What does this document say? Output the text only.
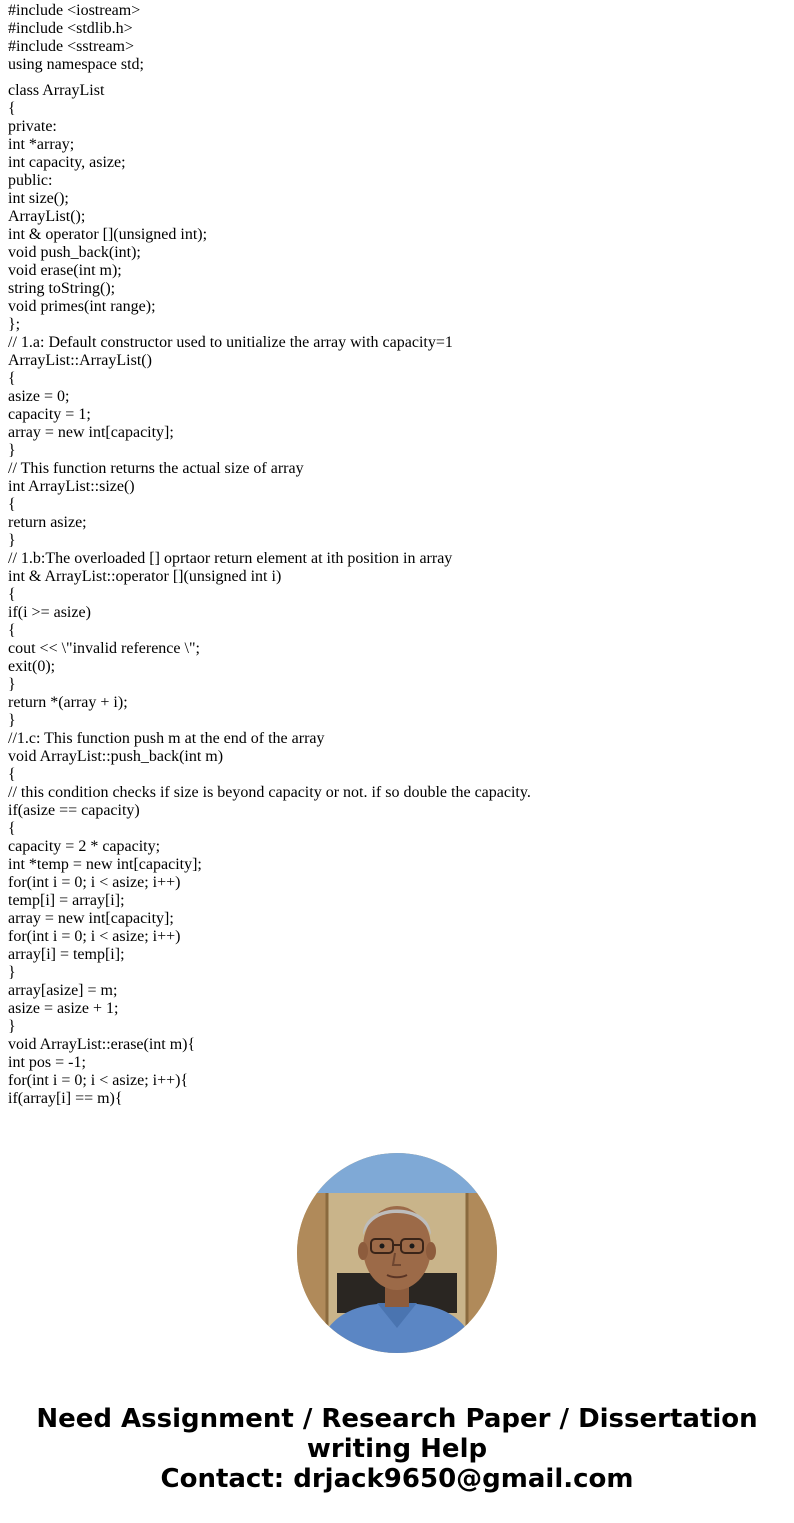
#include <iostream>
#include <stdlib.h>
#include <sstream>
using namespace std;
class ArrayList
{
private:
int *array;
int capacity, asize;
public:
int size();
ArrayList();
int & operator [](unsigned int);
void push_back(int);
void erase(int m);
string toString();
void primes(int range);
};
// 1.a: Default constructor used to unitialize the array with capacity=1
ArrayList::ArrayList()
{
asize = 0;
capacity = 1;
array = new int[capacity];
}
// This function returns the actual size of array
int ArrayList::size()
{
return asize;
}
// 1.b:The overloaded [] oprtaor return element at ith position in array
int & ArrayList::operator [](unsigned int i)
{
if(i >= asize)
{
cout << \"invalid reference \";
exit(0);
}
return *(array + i);
}
//1.c: This function push m at the end of the array
void ArrayList::push_back(int m)
{
// this condition checks if size is beyond capacity or not. if so double the capacity.
if(asize == capacity)
{
capacity = 2 * capacity;
int *temp = new int[capacity];
for(int i = 0; i < asize; i++)
temp[i] = array[i];
array = new int[capacity];
for(int i = 0; i < asize; i++)
array[i] = temp[i];
}
array[asize] = m;
asize = asize + 1;
}
void ArrayList::erase(int m){
int pos = -1;
for(int i = 0; i < asize; i++){
if(array[i] == m){
Need Assignment / Research Paper / Dissertation
writing Help
Contact: drjack9650@gmail.com
